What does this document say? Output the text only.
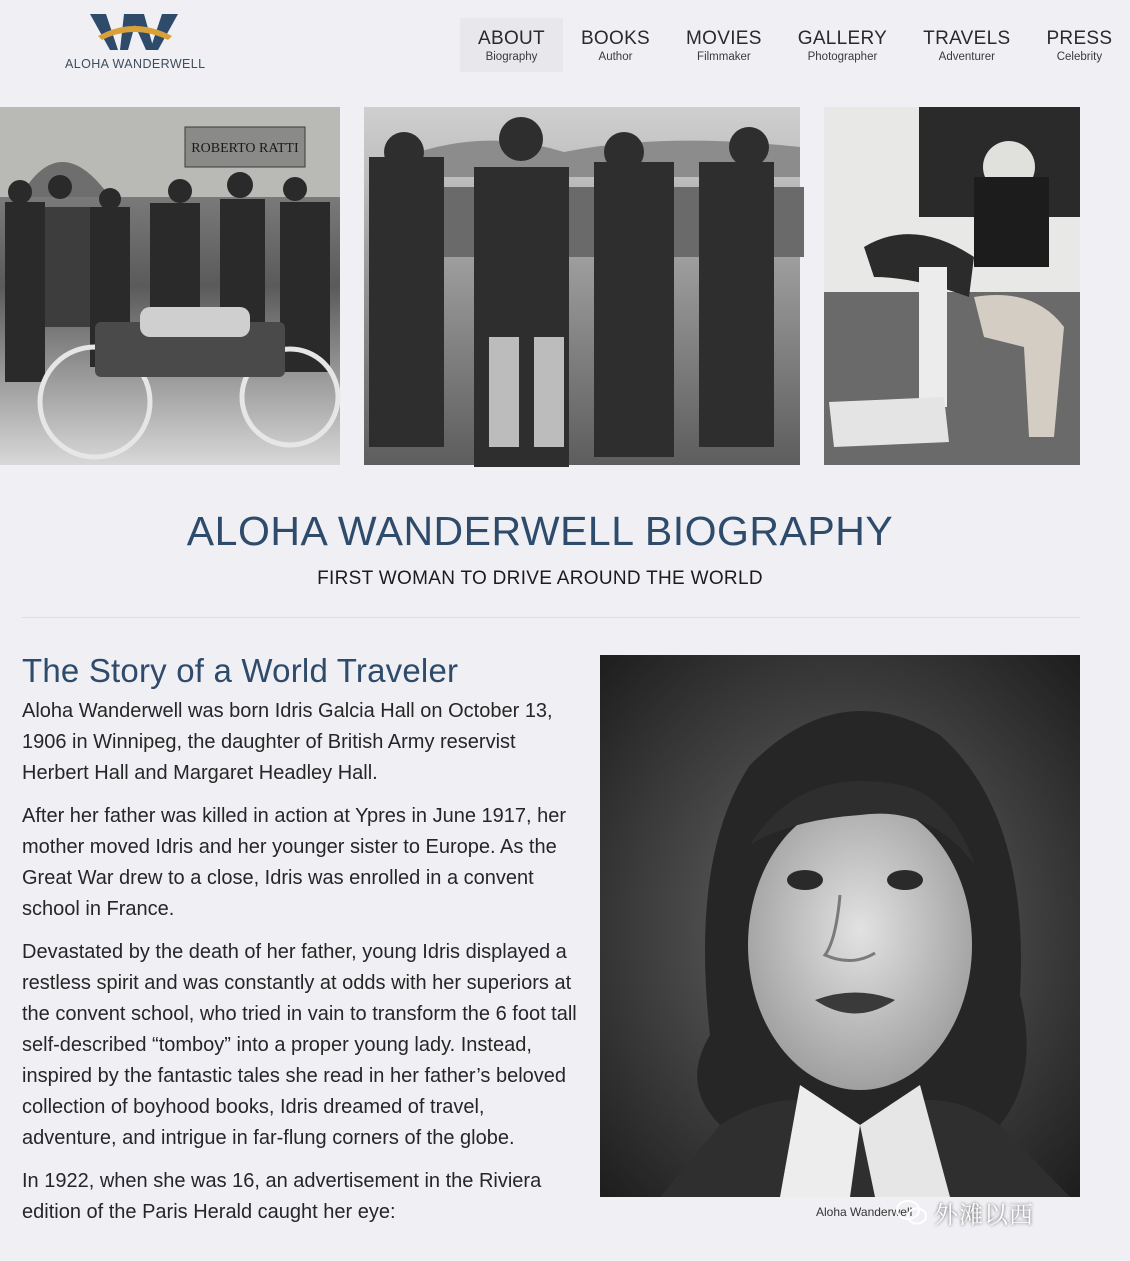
ALOHA WANDERWELL
ABOUT
Biography
BOOKS
Author
MOVIES
Filmmaker
GALLERY
Photographer
TRAVELS
Adventurer
PRESS
Celebrity
ROBERTO RATTI
ALOHA WANDERWELL BIOGRAPHY
FIRST WOMAN TO DRIVE AROUND THE WORLD
The Story of a World Traveler

Aloha Wanderwell was born Idris Galcia Hall on October 13, 1906 in Winnipeg, the daughter of British Army reservist Herbert Hall and Margaret Headley Hall.

After her father was killed in action at Ypres in June 1917, her mother moved Idris and her younger sister to Europe. As the Great War drew to a close, Idris was enrolled in a convent school in France.

Devastated by the death of her father, young Idris displayed a restless spirit and was constantly at odds with her superiors at the convent school, who tried in vain to transform the 6 foot tall self-described “tomboy” into a proper young lady. Instead, inspired by the fantastic tales she read in her father’s beloved collection of boyhood books, Idris dreamed of travel, adventure, and intrigue in far-flung corners of the globe.

In 1922, when she was 16, an advertisement in the Riviera edition of the Paris Herald caught her eye:	Aloha Wanderwell 外滩以西
